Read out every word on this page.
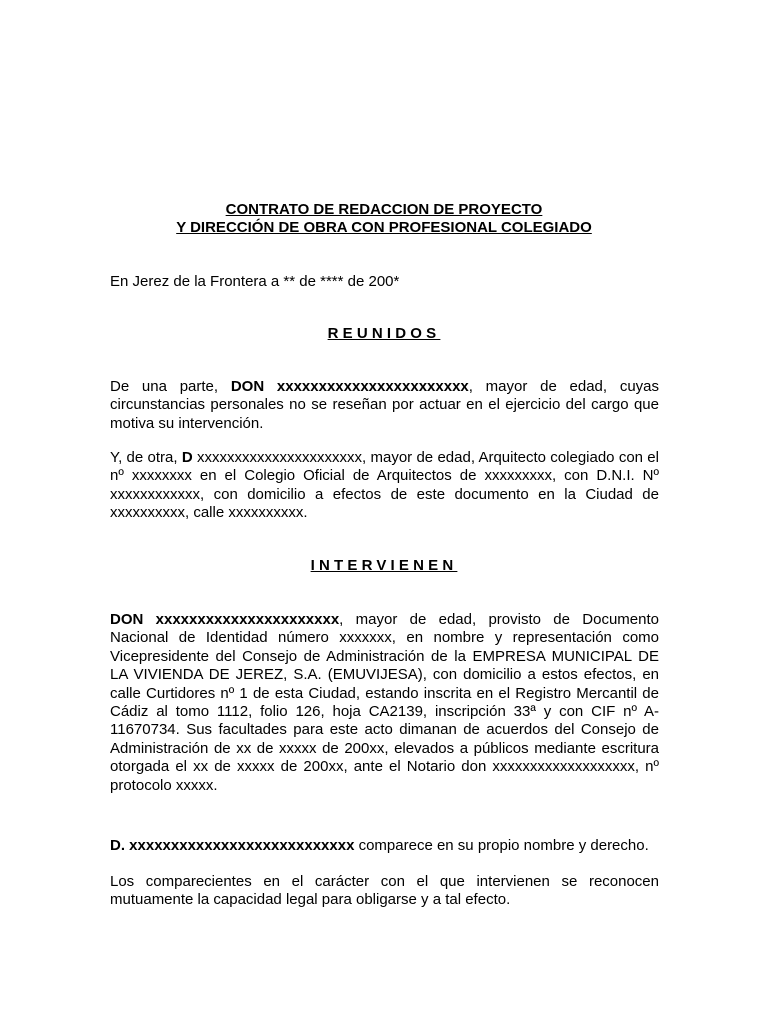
CONTRATO DE REDACCION DE PROYECTO

Y DIRECCIÓN DE OBRA CON PROFESIONAL COLEGIADO

En Jerez de la Frontera a ** de **** de 200*

REUNIDOS

De una parte, DON xxxxxxxxxxxxxxxxxxxxxxx, mayor de edad, cuyas circunstancias personales no se reseñan por actuar en el ejercicio del cargo que motiva su intervención.

Y, de otra, D xxxxxxxxxxxxxxxxxxxxxx, mayor de edad, Arquitecto colegiado con el nº xxxxxxxx en el Colegio Oficial de Arquitectos de xxxxxxxxx, con D.N.I. Nº xxxxxxxxxxxx, con domicilio a efectos de este documento en la Ciudad de xxxxxxxxxx, calle xxxxxxxxxx.

INTERVIENEN

DON xxxxxxxxxxxxxxxxxxxxxx, mayor de edad, provisto de Documento Nacional de Identidad número xxxxxxx, en nombre y representación como Vicepresidente del Consejo de Administración de la EMPRESA MUNICIPAL DE LA VIVIENDA DE JEREZ, S.A. (EMUVIJESA), con domicilio a estos efectos, en calle Curtidores nº 1 de esta Ciudad, estando inscrita en el Registro Mercantil de Cádiz al tomo 1112, folio 126, hoja CA2139, inscripción 33ª y con CIF nº A-11670734. Sus facultades para este acto dimanan de acuerdos del Consejo de Administración de xx de xxxxx de 200xx, elevados a públicos mediante escritura otorgada el xx de xxxxx de 200xx, ante el Notario don xxxxxxxxxxxxxxxxxxx, nº protocolo xxxxx.

D. xxxxxxxxxxxxxxxxxxxxxxxxxxx comparece en su propio nombre y derecho.

Los comparecientes en el carácter con el que intervienen se reconocen mutuamente la capacidad legal para obligarse y a tal efecto.
